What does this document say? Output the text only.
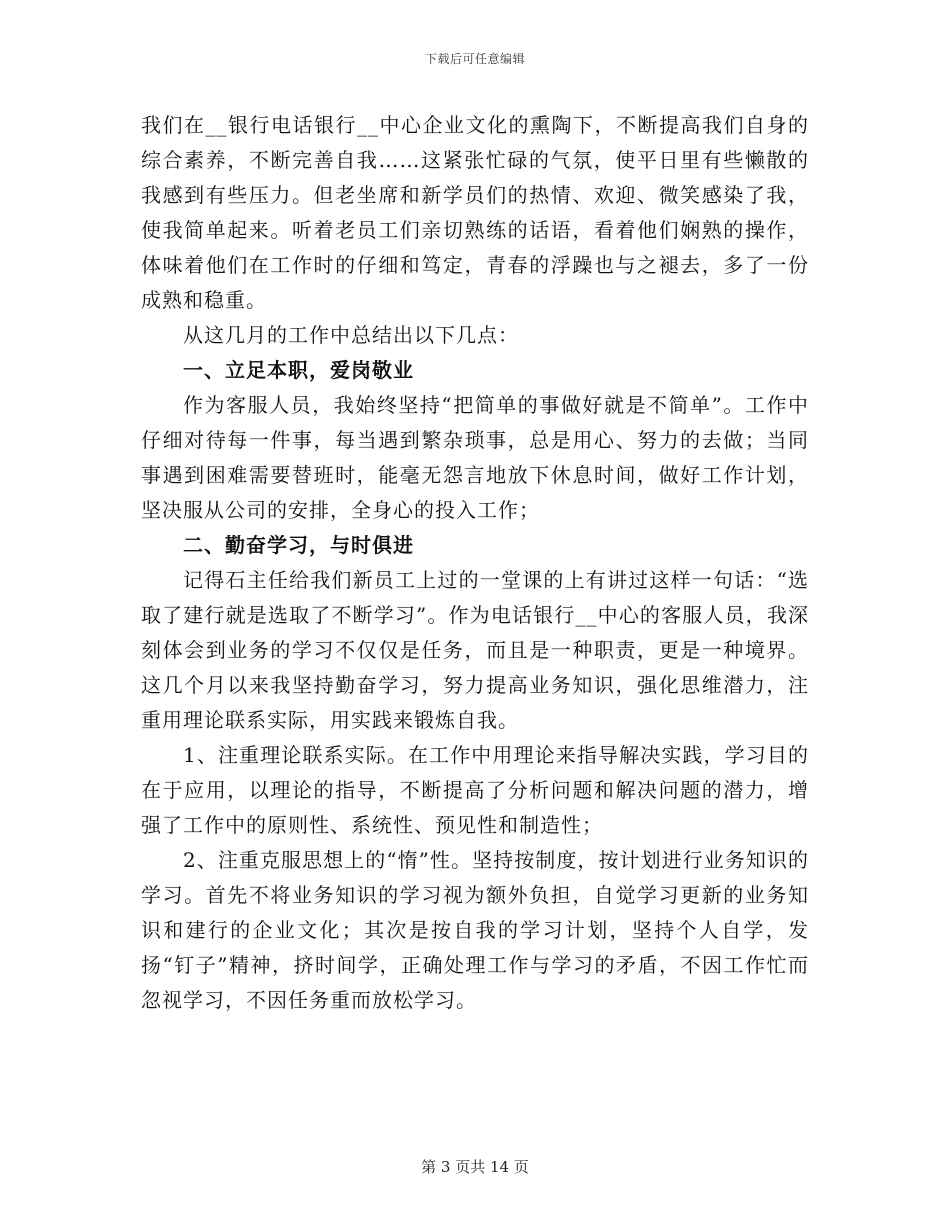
下载后可任意编辑

我们在__银行电话银行__中心企业文化的熏陶下，不断提高我们自身的综合素养，不断完善自我……这紧张忙碌的气氛，使平日里有些懒散的我感到有些压力。但老坐席和新学员们的热情、欢迎、微笑感染了我，使我简单起来。听着老员工们亲切熟练的话语，看着他们娴熟的操作，体味着他们在工作时的仔细和笃定，青春的浮躁也与之褪去，多了一份成熟和稳重。

从这几月的工作中总结出以下几点：

一、立足本职，爱岗敬业

作为客服人员，我始终坚持“把简单的事做好就是不简单”。工作中仔细对待每一件事，每当遇到繁杂琐事，总是用心、努力的去做；当同事遇到困难需要替班时，能毫无怨言地放下休息时间，做好工作计划，坚决服从公司的安排，全身心的投入工作；

二、勤奋学习，与时俱进

记得石主任给我们新员工上过的一堂课的上有讲过这样一句话：“选取了建行就是选取了不断学习”。作为电话银行__中心的客服人员，我深刻体会到业务的学习不仅仅是任务，而且是一种职责，更是一种境界。这几个月以来我坚持勤奋学习，努力提高业务知识，强化思维潜力，注重用理论联系实际，用实践来锻炼自我。

1、注重理论联系实际。在工作中用理论来指导解决实践，学习目的在于应用，以理论的指导，不断提高了分析问题和解决问题的潜力，增强了工作中的原则性、系统性、预见性和制造性；

2、注重克服思想上的“惰”性。坚持按制度，按计划进行业务知识的学习。首先不将业务知识的学习视为额外负担，自觉学习更新的业务知识和建行的企业文化；其次是按自我的学习计划，坚持个人自学，发扬“钉子”精神，挤时间学，正确处理工作与学习的矛盾，不因工作忙而忽视学习，不因任务重而放松学习。

第 3 页共 14 页
